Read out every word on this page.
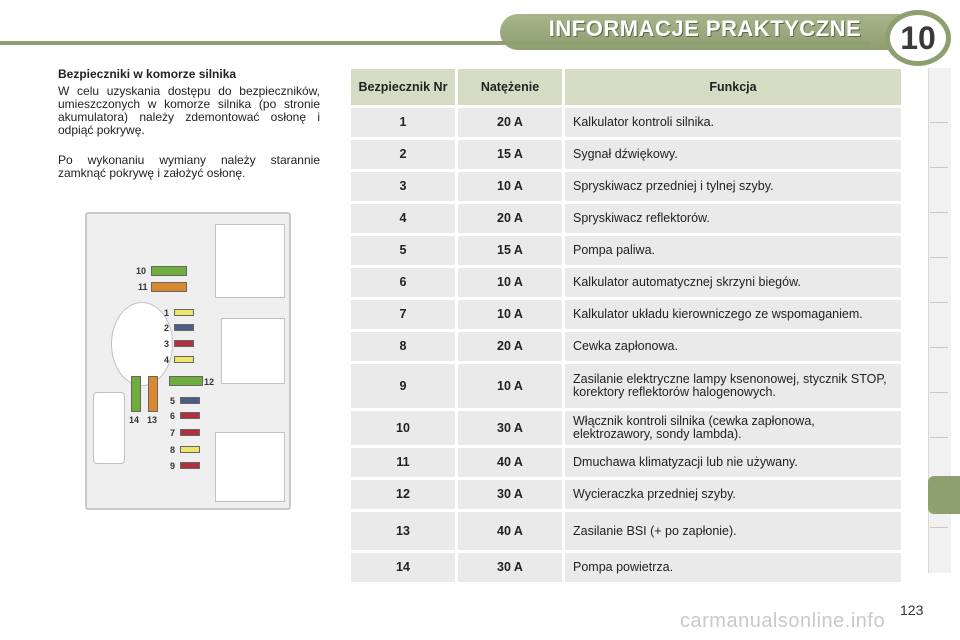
INFORMACJE PRAKTYCZNE	10
Bezpieczniki w komorze silnika
W celu uzyskania dostępu do bezpieczników, umieszczonych w komorze silnika (po stronie akumulatora) należy zdemontować osłonę i odpiąć pokrywę.
Po wykonaniu wymiany należy starannie zamknąć pokrywę i założyć osłonę.
10
11
1
2
3
4
12
5
6
7
8
9
14 13
Bezpiecznik Nr	Natężenie	Funkcja
1	20 A	Kalkulator kontroli silnika.
2	15 A	Sygnał dźwiękowy.
3	10 A	Spryskiwacz przedniej i tylnej szyby.
4	20 A	Spryskiwacz reflektorów.
5	15 A	Pompa paliwa.
6	10 A	Kalkulator automatycznej skrzyni biegów.
7	10 A	Kalkulator układu kierowniczego ze wspomaganiem.
8	20 A	Cewka zapłonowa.
9	10 A	Zasilanie elektryczne lampy ksenonowej, stycznik STOP, korektory reflektorów halogenowych.
10	30 A	Włącznik kontroli silnika (cewka zapłonowa, elektrozawory, sondy lambda).
11	40 A	Dmuchawa klimatyzacji lub nie używany.
12	30 A	Wycieraczka przedniej szyby.
13	40 A	Zasilanie BSI (+ po zapłonie).
14	30 A	Pompa powietrza.
carmanualsonline.info 123
